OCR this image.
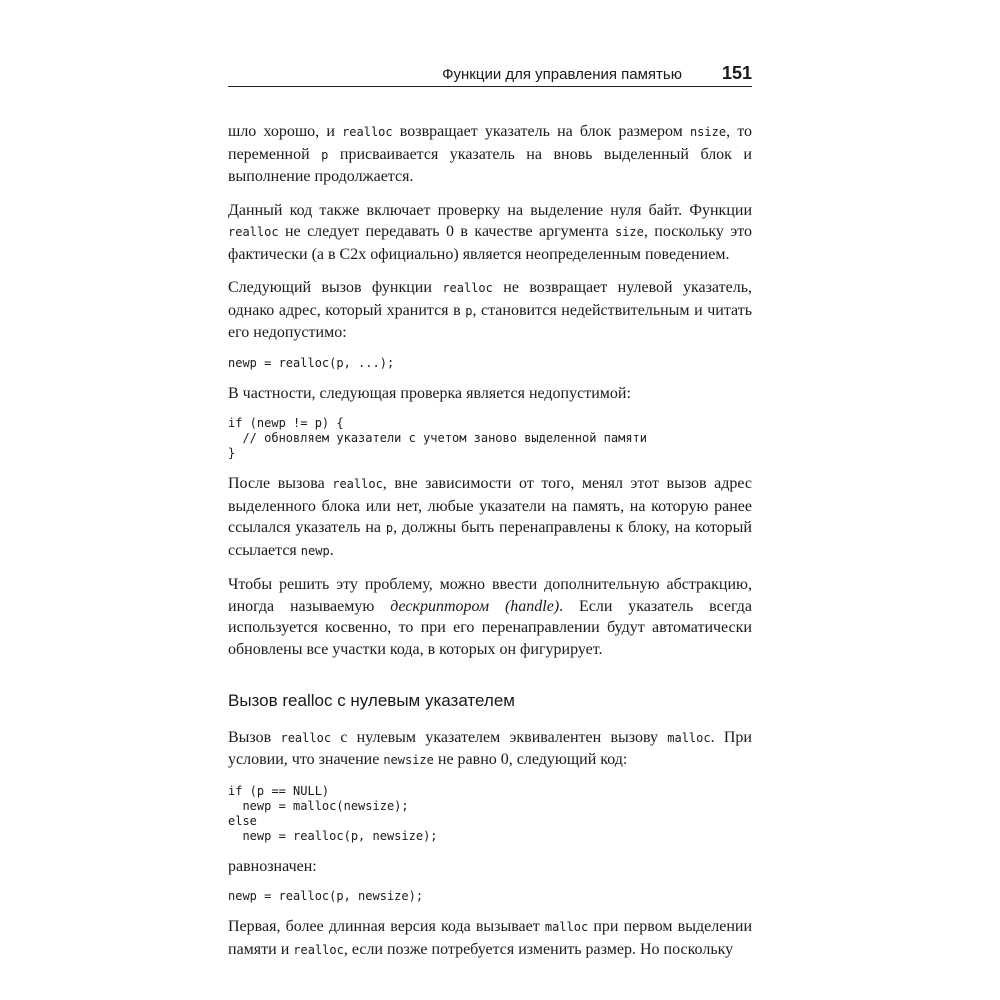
Функции для управления памятью 151

шло хорошо, и realloc возвращает указатель на блок размером nsize, то переменной p присваивается указатель на вновь выделенный блок и выполнение продолжается.

Данный код также включает проверку на выделение нуля байт. Функции realloc не следует передавать 0 в качестве аргумента size, поскольку это фактически (а в C2x официально) является неопределенным поведением.

Следующий вызов функции realloc не возвращает нулевой указатель, однако адрес, который хранится в p, становится недействительным и читать его недопустимо:

newp = realloc(p, ...);

В частности, следующая проверка является недопустимой:

if (newp != p) {
// обновляем указатели с учетом заново выделенной памяти
}

После вызова realloc, вне зависимости от того, менял этот вызов адрес выделенного блока или нет, любые указатели на память, на которую ранее ссылался указатель на p, должны быть перенаправлены к блоку, на который ссылается newp.

Чтобы решить эту проблему, можно ввести дополнительную абстракцию, иногда называемую дескриптором (handle). Если указатель всегда используется косвенно, то при его перенаправлении будут автоматически обновлены все участки кода, в которых он фигурирует.

Вызов realloc с нулевым указателем

Вызов realloc с нулевым указателем эквивалентен вызову malloc. При условии, что значение newsize не равно 0, следующий код:

if (p == NULL)
newp = malloc(newsize);
else
newp = realloc(p, newsize);

равнозначен:

newp = realloc(p, newsize);

Первая, более длинная версия кода вызывает malloc при первом выделении памяти и realloc, если позже потребуется изменить размер. Но поскольку
